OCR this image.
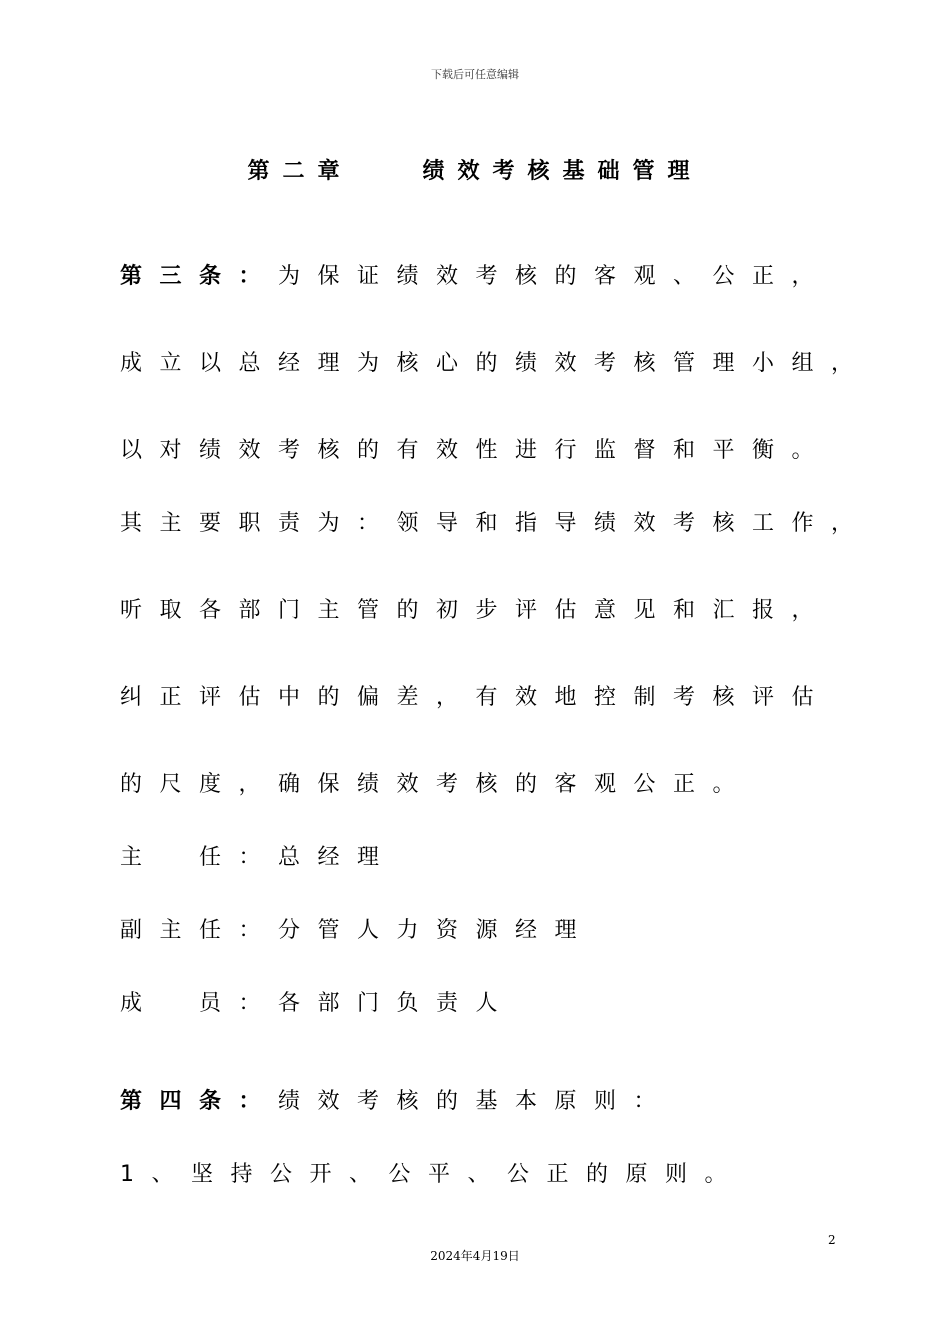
下载后可任意编辑
第二章　　绩效考核基础管理
第三条：为保证绩效考核的客观、公正，
成立以总经理为核心的绩效考核管理小组，
以对绩效考核的有效性进行监督和平衡。
其主要职责为：领导和指导绩效考核工作，
听取各部门主管的初步评估意见和汇报，
纠正评估中的偏差，有效地控制考核评估
的尺度，确保绩效考核的客观公正。
主　任：总经理
副主任：分管人力资源经理
成　员：各部门负责人
第四条：绩效考核的基本原则：
1、坚持公开、公平、公正的原则。
2
2024年4月19日
